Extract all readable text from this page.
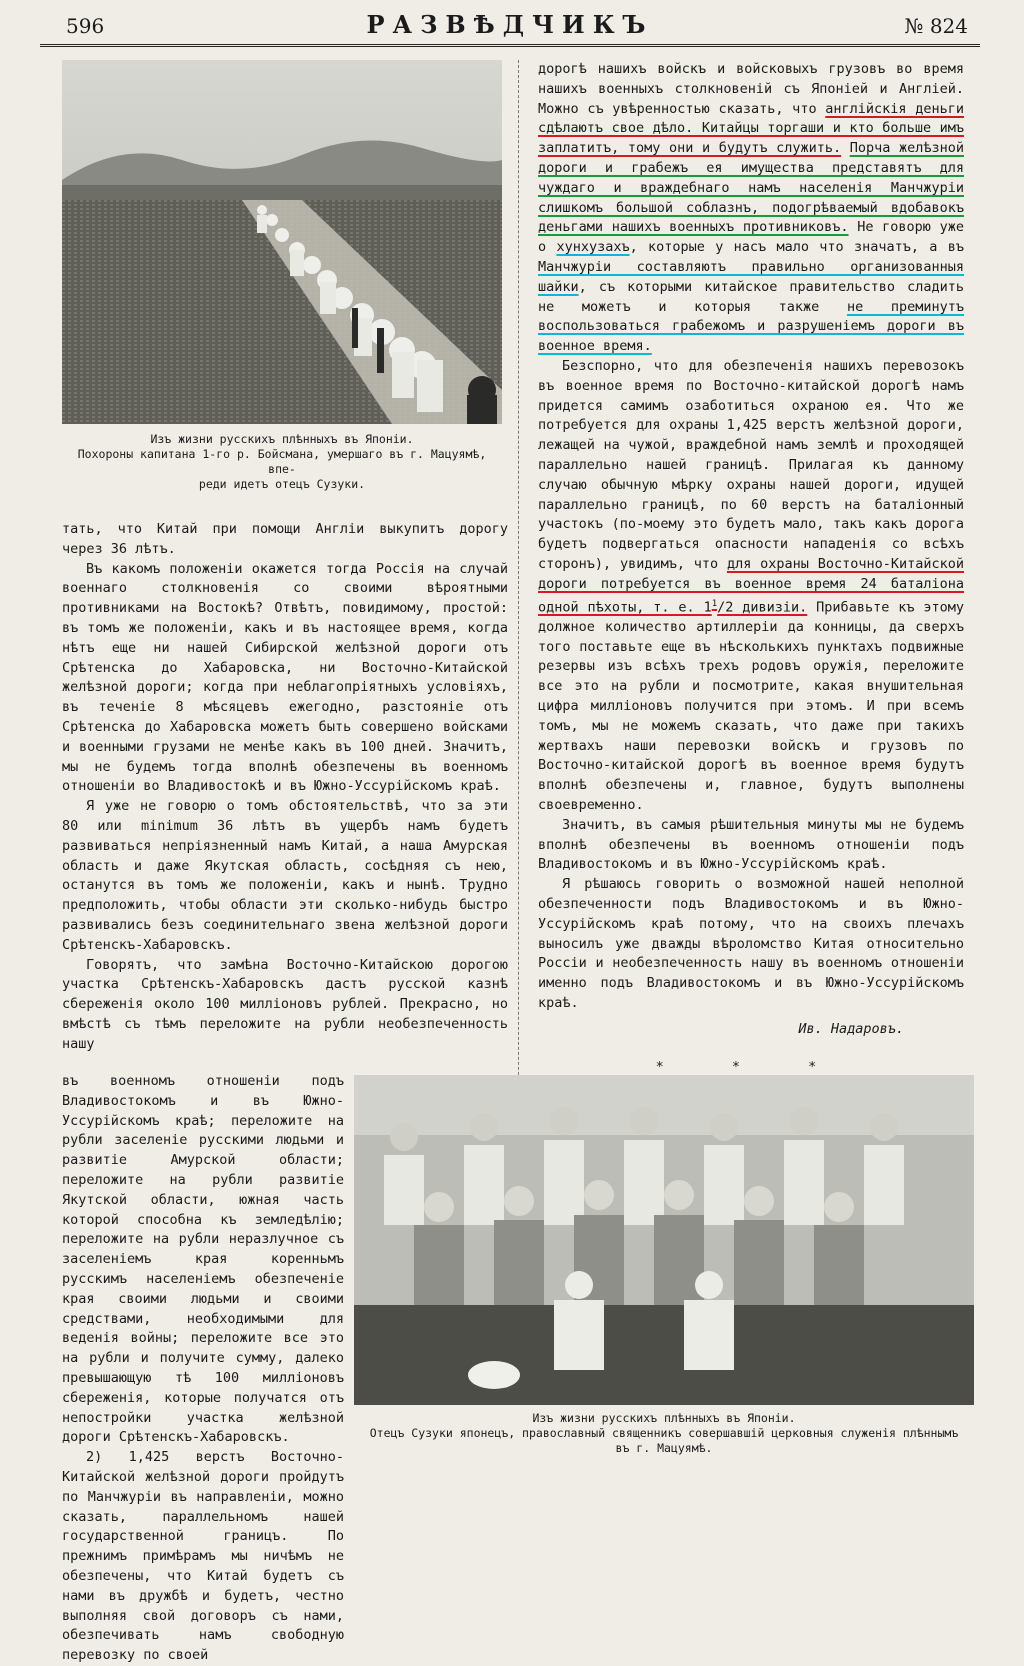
596	РАЗВѢДЧИКЪ	№ 824
Изъ жизни русскихъ плѣнныхъ въ Японіи.
Похороны капитана 1-го р. Бойсмана, умершаго въ г. Мацуямѣ, впе-
реди идетъ отецъ Сузуки.

тать, что Китай при помощи Англіи выкупитъ дорогу через 36 лѣтъ.

Въ какомъ положеніи окажется тогда Россія на случай военнаго столкновенія со своими вѣроятными противниками на Востокѣ? Отвѣтъ, повидимому, простой: въ томъ же положеніи, какъ и въ настоящее время, когда нѣтъ еще ни нашей Сибирской желѣзной дороги отъ Срѣтенска до Хабаровска, ни Восточно-Китайской желѣзной дороги; когда при неблагопріятныхъ условіяхъ, въ теченіе 8 мѣсяцевъ ежегодно, разстояніе отъ Срѣтенска до Хабаровска можетъ быть совершено войсками и военными грузами не менѣе какъ въ 100 дней. Значитъ, мы не будемъ тогда вполнѣ обезпечены въ военномъ отношеніи во Владивостокѣ и въ Южно-Уссурійскомъ краѣ.

Я уже не говорю о томъ обстоятельствѣ, что за эти 80 или minimum 36 лѣтъ въ ущербъ намъ будетъ развиваться непріязненный намъ Китай, а наша Амурская область и даже Якутская область, сосѣдняя съ нею, останутся въ томъ же положеніи, какъ и нынѣ. Трудно предположить, чтобы области эти сколько-нибудь быстро развивались безъ соединительнаго звена желѣзной дороги Срѣтенскъ-Хабаровскъ.

Говорятъ, что замѣна Восточно-Китайскою дорогою участка Срѣтенскъ-Хабаровскъ дастъ русской казнѣ сбереженія около 100 милліоновъ рублей. Прекрасно, но вмѣстѣ съ тѣмъ переложите на рубли необезпеченность нашу

въ военномъ отношеніи подъ Владивостокомъ и въ Южно-Уссурійскомъ краѣ; переложите на рубли заселеніе русскими людьми и развитіе Амурской области; переложите на рубли развитіе Якутской области, южная часть которой способна къ земледѣлію; переложите на рубли неразлучное съ заселеніемъ края коренньмъ русскимъ населеніемъ обезпеченіе края своими людьми и своими средствами, необходимыми для веденія войны; переложите все это на рубли и получите сумму, далеко превышающую тѣ 100 милліоновъ сбереженія, которые получатся отъ непостройки участка желѣзной дороги Срѣтенскъ-Хабаровскъ.

2) 1,425 верстъ Восточно-Китайской желѣзной дороги пройдутъ по Манчжуріи въ направленіи, можно сказать, параллельномъ нашей государственной границъ. По прежнимъ примѣрамъ мы ничѣмъ не обезпечены, что Китай будетъ съ нами въ дружбѣ и будетъ, честно выполняя свой договоръ съ нами, обезпечивать намъ свободную перевозку по своей

дорогѣ нашихъ войскъ и войсковыхъ грузовъ во время нашихъ военныхъ столкновеній съ Японіей и Англіей. Можно съ увѣренностью сказать, что англійскія деньги сдѣлаютъ свое дѣло. Китайцы торгаши и кто больше имъ заплатитъ, тому они и будутъ служить. Порча желѣзной дороги и грабежъ ея имущества представятъ для чуждаго и враждебнаго намъ населенія Манчжуріи слишкомъ большой соблазнъ, подогрѣваемый вдобавокъ деньгами нашихъ военныхъ противниковъ. Не говорю уже о хунхузахъ, которые у насъ мало что значатъ, а въ Манчжуріи составляютъ правильно организованныя шайки, съ которыми китайское правительство сладить не можетъ и которыя также не преминутъ воспользоваться грабежомъ и разрушеніемъ дороги въ военное время.

Безспорно, что для обезпеченія нашихъ перевозокъ въ военное время по Восточно-китайской дорогѣ намъ придется самимъ озаботиться охраною ея. Что же потребуется для охраны 1,425 верстъ желѣзной дороги, лежащей на чужой, враждебной намъ землѣ и проходящей параллельно нашей границѣ. Прилагая къ данному случаю обычную мѣрку охраны нашей дороги, идущей параллельно границѣ, по 60 верстъ на баталіонный участокъ (по-моему это будетъ мало, такъ какъ дорога будетъ подвергаться опасности нападенія со всѣхъ сторонъ), увидимъ, что для охраны Восточно-Китайской дороги потребуется въ военное время 24 баталіона одной пѣхоты, т. е. $1^1/2$ дивизіи. Прибавьте къ этому должное количество артиллеріи да конницы, да сверхъ того поставьте еще въ нѣсколькихъ пунктахъ подвижные резервы изъ всѣхъ трехъ родовъ оружія, переложите все это на рубли и посмотрите, какая внушительная цифра милліоновъ получится при этомъ. И при всемъ томъ, мы не можемъ сказать, что даже при такихъ жертвахъ наши перевозки войскъ и грузовъ по Восточно-китайской дорогѣ въ военное время будутъ вполнѣ обезпечены и, главное, будутъ выполнены своевременно.

Значитъ, въ самыя рѣшительныя минуты мы не будемъ вполнѣ обезпечены въ военномъ отношеніи подъ Владивостокомъ и въ Южно-Уссурійскомъ краѣ.

Я рѣшаюсь говорить о возможной нашей неполной обезпеченности подъ Владивостокомъ и въ Южно-Уссурійскомъ краѣ потому, что на своихъ плечахъ выносилъ уже дважды вѣроломство Китая относительно Россіи и необезпеченность нашу въ военномъ отношеніи именно подъ Владивостокомъ и въ Южно-Уссурійскомъ краѣ.

Ив. Надаровъ.
* * *
Изъ жизни русскихъ плѣнныхъ въ Японіи.
Отецъ Сузуки японецъ, православный священникъ совершавшій церковныя служенія плѣннымъ
въ г. Мацуямѣ.
